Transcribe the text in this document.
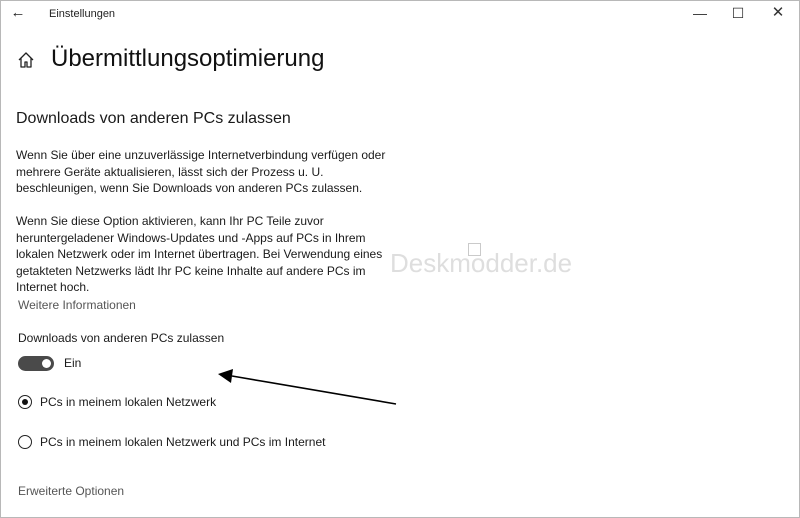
← Einstellungen	—	☐	✕
Übermittlungsoptimierung
Downloads von anderen PCs zulassen
Wenn Sie über eine unzuverlässige Internetverbindung verfügen oder mehrere Geräte aktualisieren, lässt sich der Prozess u. U. beschleunigen, wenn Sie Downloads von anderen PCs zulassen.
Wenn Sie diese Option aktivieren, kann Ihr PC Teile zuvor heruntergeladener Windows-Updates und -Apps auf PCs in Ihrem lokalen Netzwerk oder im Internet übertragen. Bei Verwendung eines getakteten Netzwerks lädt Ihr PC keine Inhalte auf andere PCs im Internet hoch.
Weitere Informationen
Deskmodder.de
Downloads von anderen PCs zulassen
Ein
PCs in meinem lokalen Netzwerk
PCs in meinem lokalen Netzwerk und PCs im Internet
Erweiterte Optionen
